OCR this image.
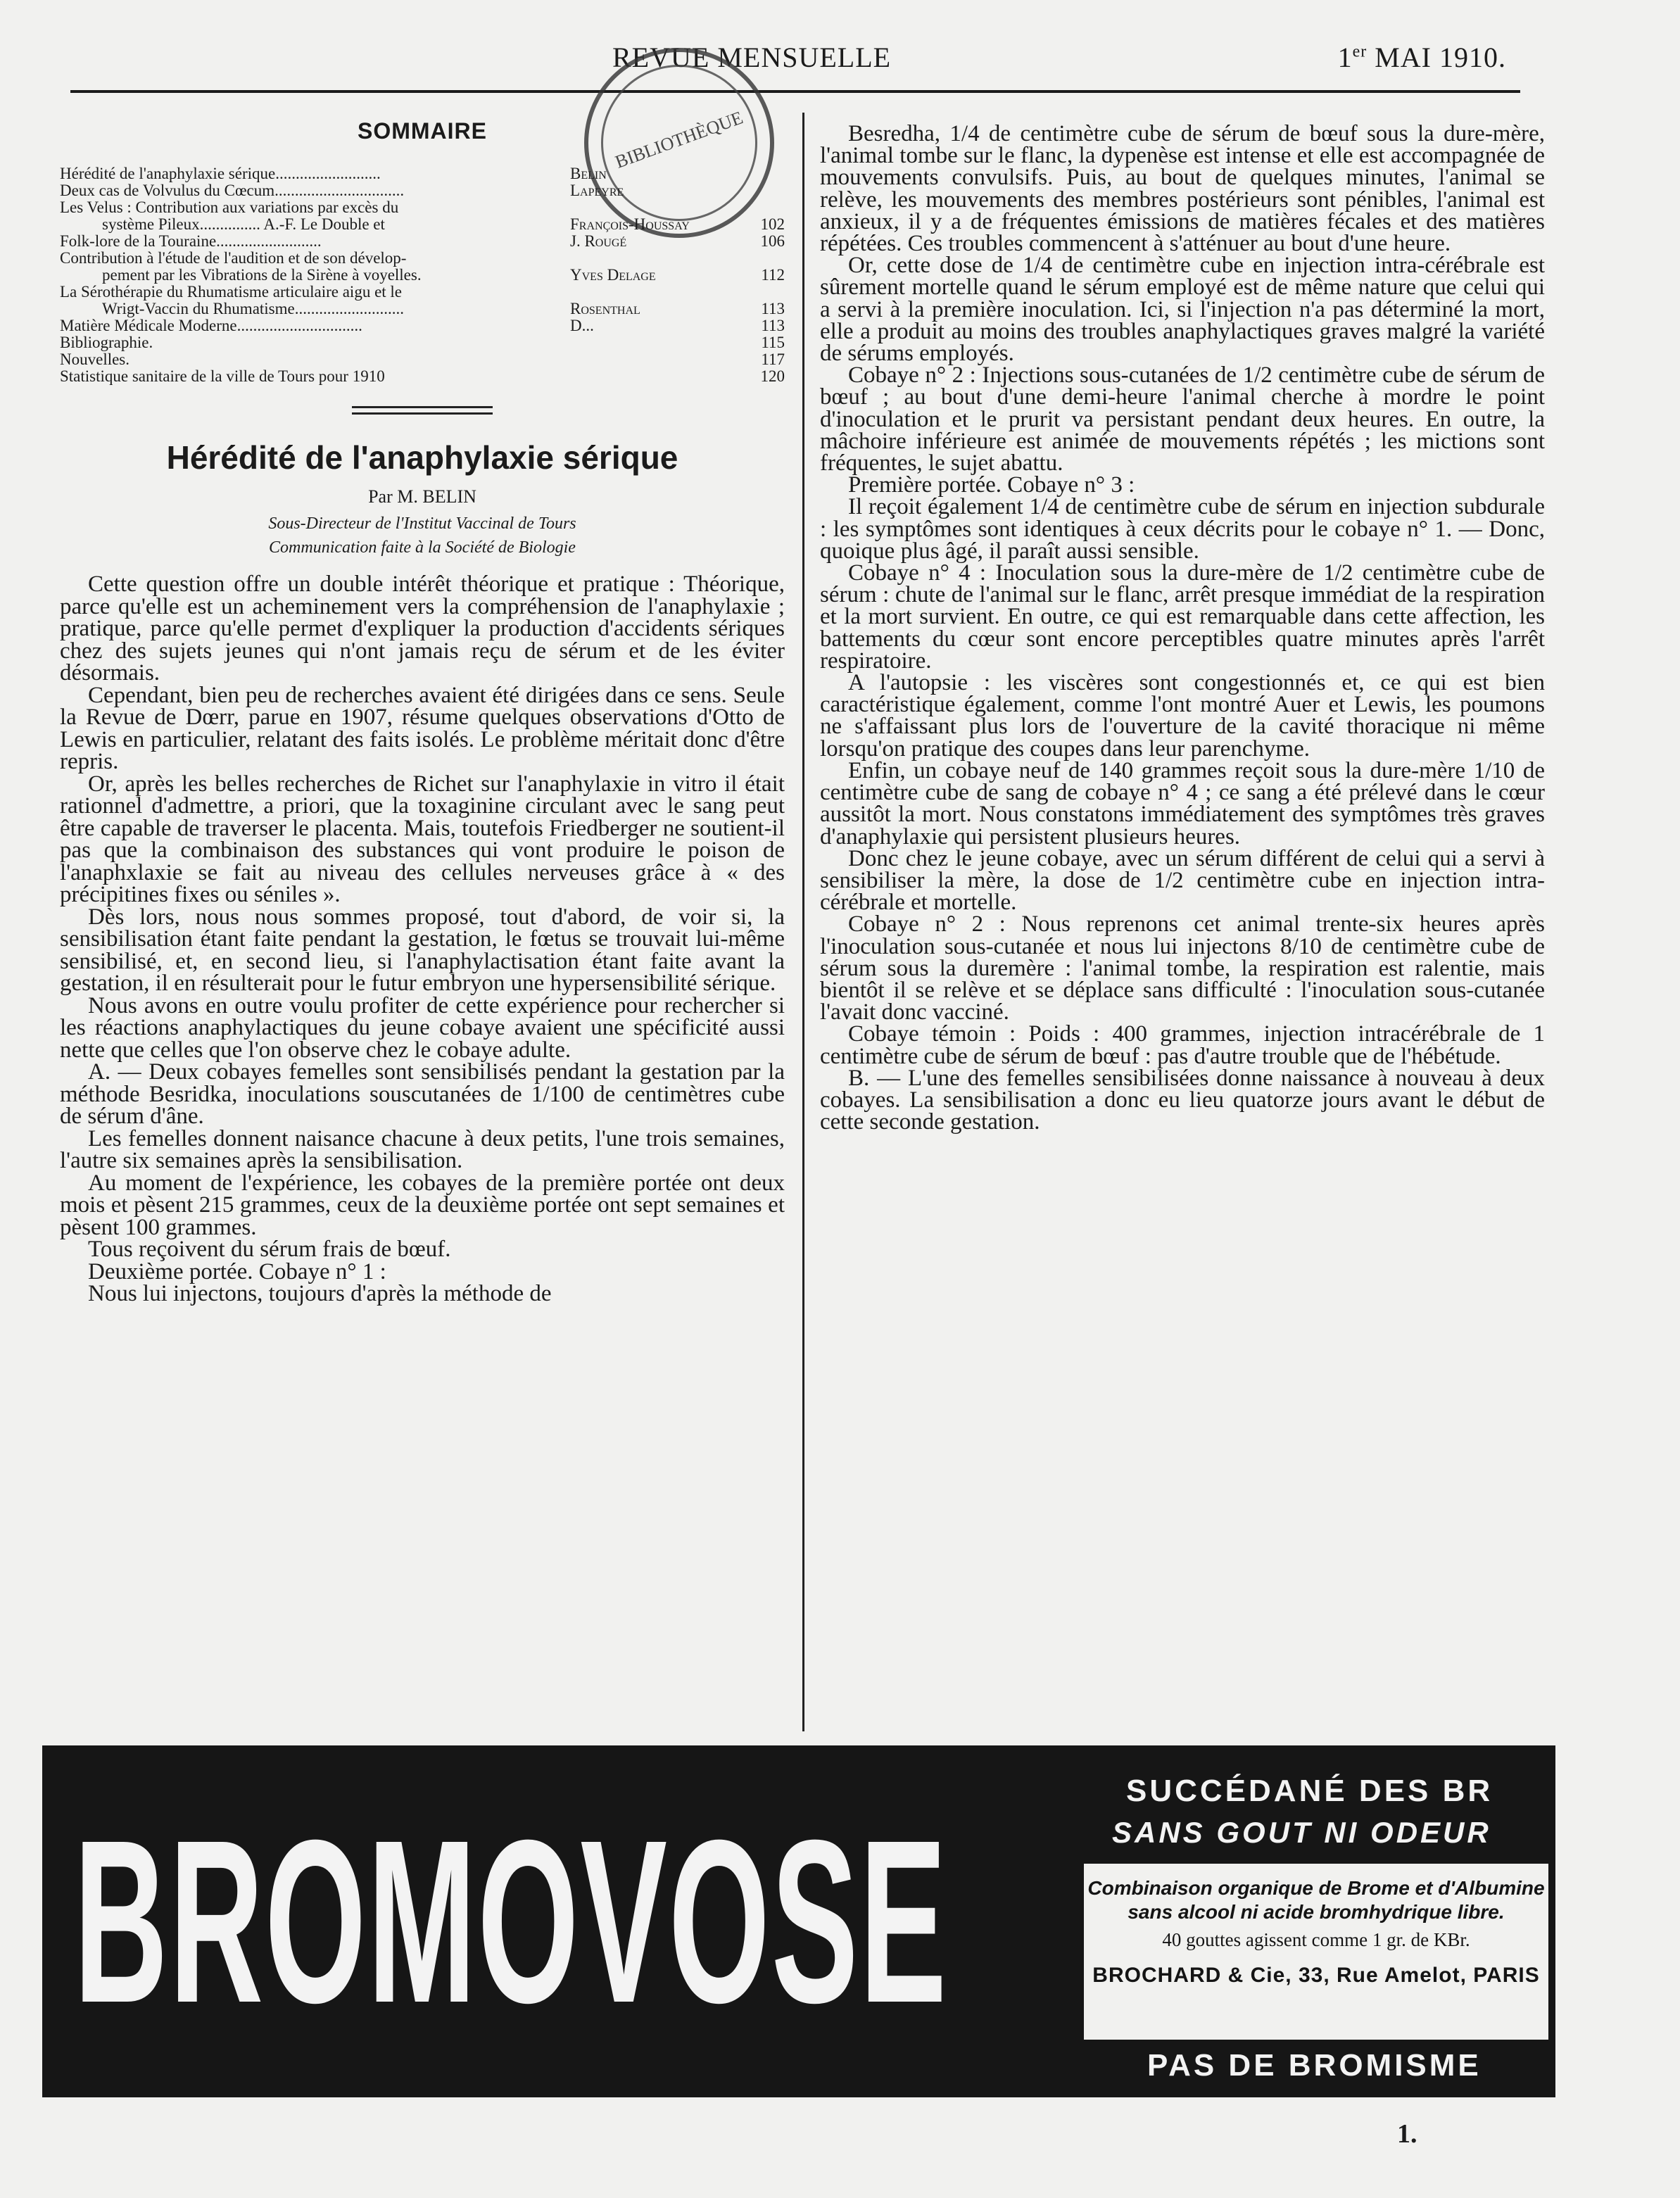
REVUE MENSUELLE	1er MAI 1910.
BIBLIOTHÈQUE
SOMMAIRE
Hérédité de l'anaphylaxie sérique..........................	Belin
Deux cas de Volvulus du Cœcum................................	Lapeyre
Les Velus : Contribution aux variations par excès du
système Pileux............... A.-F. Le Double et	François-Houssay	102
Folk-lore de la Touraine..........................	J. Rougé	106
Contribution à l'étude de l'audition et de son dévelop-
pement par les Vibrations de la Sirène à voyelles.	Yves Delage	112
La Sérothérapie du Rhumatisme articulaire aigu et le
Wrigt-Vaccin du Rhumatisme...........................	Rosenthal	113
Matière Médicale Moderne...............................	D...	113
Bibliographie.	115
Nouvelles.	117
Statistique sanitaire de la ville de Tours pour 1910	120
Hérédité de l'anaphylaxie sérique
Par M. BELIN
Sous-Directeur de l'Institut Vaccinal de Tours
Communication faite à la Société de Biologie

Cette question offre un double intérêt théorique et pratique : Théorique, parce qu'elle est un acheminement vers la compréhension de l'anaphylaxie ; pratique, parce qu'elle permet d'expliquer la production d'accidents sériques chez des sujets jeunes qui n'ont jamais reçu de sérum et de les éviter désormais.

Cependant, bien peu de recherches avaient été dirigées dans ce sens. Seule la Revue de Dœrr, parue en 1907, résume quelques observations d'Otto de Lewis en particulier, relatant des faits isolés. Le problème méritait donc d'être repris.

Or, après les belles recherches de Richet sur l'anaphylaxie in vitro il était rationnel d'admettre, a priori, que la toxaginine circulant avec le sang peut être capable de traverser le placenta. Mais, toutefois Friedberger ne soutient-il pas que la combinaison des substances qui vont produire le poison de l'anaphxlaxie se fait au niveau des cellules nerveuses grâce à « des précipitines fixes ou séniles ».

Dès lors, nous nous sommes proposé, tout d'abord, de voir si, la sensibilisation étant faite pendant la gestation, le fœtus se trouvait lui-même sensibilisé, et, en second lieu, si l'anaphylactisation étant faite avant la gestation, il en résulterait pour le futur embryon une hypersensibilité sérique.

Nous avons en outre voulu profiter de cette expérience pour rechercher si les réactions anaphylactiques du jeune cobaye avaient une spécificité aussi nette que celles que l'on observe chez le cobaye adulte.

A. — Deux cobayes femelles sont sensibilisés pendant la gestation par la méthode Besridka, inoculations souscutanées de 1/100 de centimètres cube de sérum d'âne.

Les femelles donnent naisance chacune à deux petits, l'une trois semaines, l'autre six semaines après la sensibilisation.

Au moment de l'expérience, les cobayes de la première portée ont deux mois et pèsent 215 grammes, ceux de la deuxième portée ont sept semaines et pèsent 100 grammes.

Tous reçoivent du sérum frais de bœuf.

Deuxième portée. Cobaye n° 1 :

Nous lui injectons, toujours d'après la méthode de

Besredha, 1/4 de centimètre cube de sérum de bœuf sous la dure-mère, l'animal tombe sur le flanc, la dypenèse est intense et elle est accompagnée de mouvements convulsifs. Puis, au bout de quelques minutes, l'animal se relève, les mouvements des membres postérieurs sont pénibles, l'animal est anxieux, il y a de fréquentes émissions de matières fécales et des matières répétées. Ces troubles commencent à s'atténuer au bout d'une heure.

Or, cette dose de 1/4 de centimètre cube en injection intra-cérébrale est sûrement mortelle quand le sérum employé est de même nature que celui qui a servi à la première inoculation. Ici, si l'injection n'a pas déterminé la mort, elle a produit au moins des troubles anaphylactiques graves malgré la variété de sérums employés.

Cobaye n° 2 : Injections sous-cutanées de 1/2 centimètre cube de sérum de bœuf ; au bout d'une demi-heure l'animal cherche à mordre le point d'inoculation et le prurit va persistant pendant deux heures. En outre, la mâchoire inférieure est animée de mouvements répétés ; les mictions sont fréquentes, le sujet abattu.

Première portée. Cobaye n° 3 :

Il reçoit également 1/4 de centimètre cube de sérum en injection subdurale : les symptômes sont identiques à ceux décrits pour le cobaye n° 1. — Donc, quoique plus âgé, il paraît aussi sensible.

Cobaye n° 4 : Inoculation sous la dure-mère de 1/2 centimètre cube de sérum : chute de l'animal sur le flanc, arrêt presque immédiat de la respiration et la mort survient. En outre, ce qui est remarquable dans cette affection, les battements du cœur sont encore perceptibles quatre minutes après l'arrêt respiratoire.

A l'autopsie : les viscères sont congestionnés et, ce qui est bien caractéristique également, comme l'ont montré Auer et Lewis, les poumons ne s'affaissant plus lors de l'ouverture de la cavité thoracique ni même lorsqu'on pratique des coupes dans leur parenchyme.

Enfin, un cobaye neuf de 140 grammes reçoit sous la dure-mère 1/10 de centimètre cube de sang de cobaye n° 4 ; ce sang a été prélevé dans le cœur aussitôt la mort. Nous constatons immédiatement des symptômes très graves d'anaphylaxie qui persistent plusieurs heures.

Donc chez le jeune cobaye, avec un sérum différent de celui qui a servi à sensibiliser la mère, la dose de 1/2 centimètre cube en injection intra-cérébrale et mortelle.

Cobaye n° 2 : Nous reprenons cet animal trente-six heures après l'inoculation sous-cutanée et nous lui injectons 8/10 de centimètre cube de sérum sous la duremère : l'animal tombe, la respiration est ralentie, mais bientôt il se relève et se déplace sans difficulté : l'inoculation sous-cutanée l'avait donc vacciné.

Cobaye témoin : Poids : 400 grammes, injection intracérébrale de 1 centimètre cube de sérum de bœuf : pas d'autre trouble que de l'hébétude.

B. — L'une des femelles sensibilisées donne naissance à nouveau à deux cobayes. La sensibilisation a donc eu lieu quatorze jours avant le début de cette seconde gestation.

BROMOVOSE
SUCCÉDANÉ DES BR
SANS GOUT NI ODEUR
Combinaison organique de Brome et d'Albumine sans alcool ni acide bromhydrique libre.
40 gouttes agissent comme 1 gr. de KBr.
BROCHARD & Cie, 33, Rue Amelot, PARIS
PAS DE BROMISME
1.
